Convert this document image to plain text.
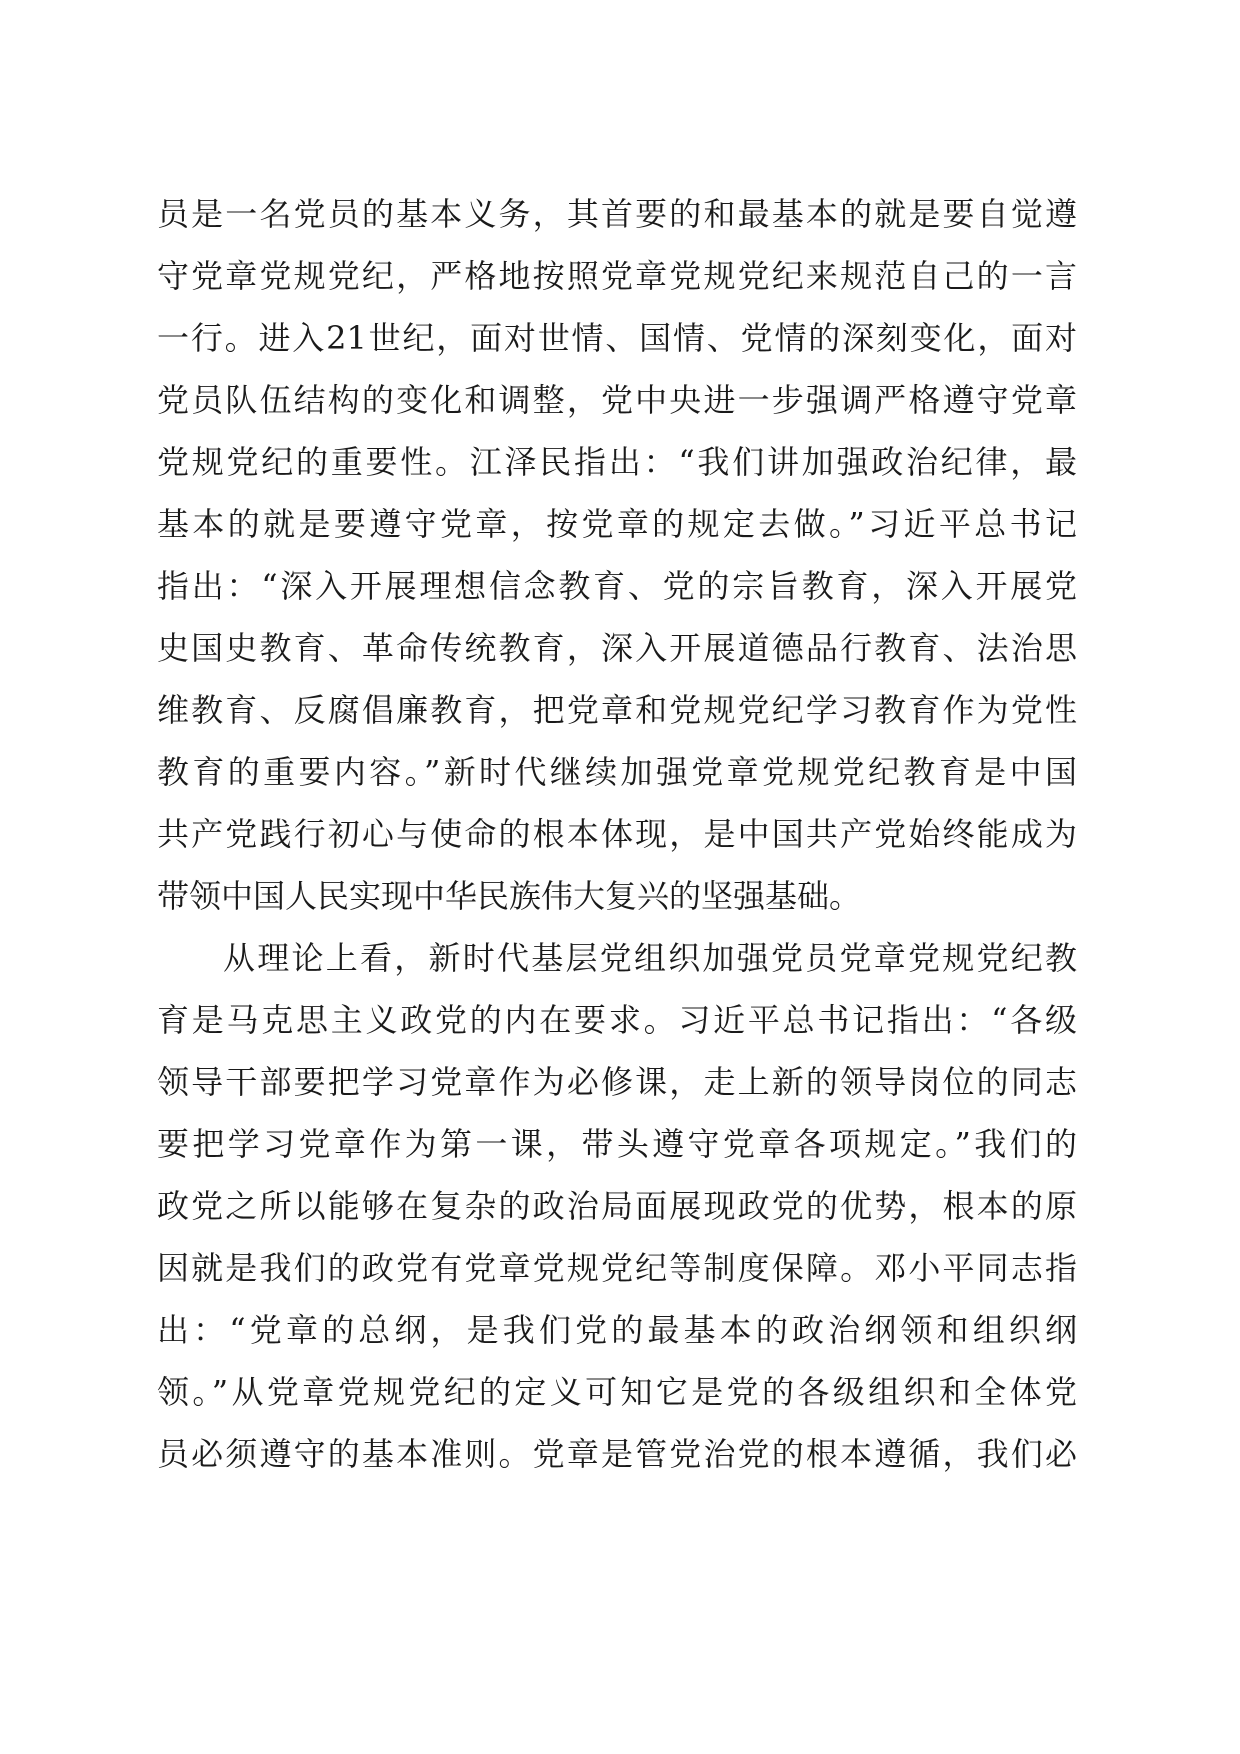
员是一名党员的基本义务，其首要的和最基本的就是要自觉遵
守党章党规党纪，严格地按照党章党规党纪来规范自己的一言
一行。进入21世纪，面对世情、国情、党情的深刻变化，面对
党员队伍结构的变化和调整，党中央进一步强调严格遵守党章
党规党纪的重要性。江泽民指出：“我们讲加强政治纪律，最
基本的就是要遵守党章，按党章的规定去做。”习近平总书记
指出：“深入开展理想信念教育、党的宗旨教育，深入开展党
史国史教育、革命传统教育，深入开展道德品行教育、法治思
维教育、反腐倡廉教育，把党章和党规党纪学习教育作为党性
教育的重要内容。”新时代继续加强党章党规党纪教育是中国
共产党践行初心与使命的根本体现，是中国共产党始终能成为
带领中国人民实现中华民族伟大复兴的坚强基础。
从理论上看，新时代基层党组织加强党员党章党规党纪教
育是马克思主义政党的内在要求。习近平总书记指出：“各级
领导干部要把学习党章作为必修课，走上新的领导岗位的同志
要把学习党章作为第一课，带头遵守党章各项规定。”我们的
政党之所以能够在复杂的政治局面展现政党的优势，根本的原
因就是我们的政党有党章党规党纪等制度保障。邓小平同志指
出：“党章的总纲，是我们党的最基本的政治纲领和组织纲
领。”从党章党规党纪的定义可知它是党的各级组织和全体党
员必须遵守的基本准则。党章是管党治党的根本遵循，我们必
